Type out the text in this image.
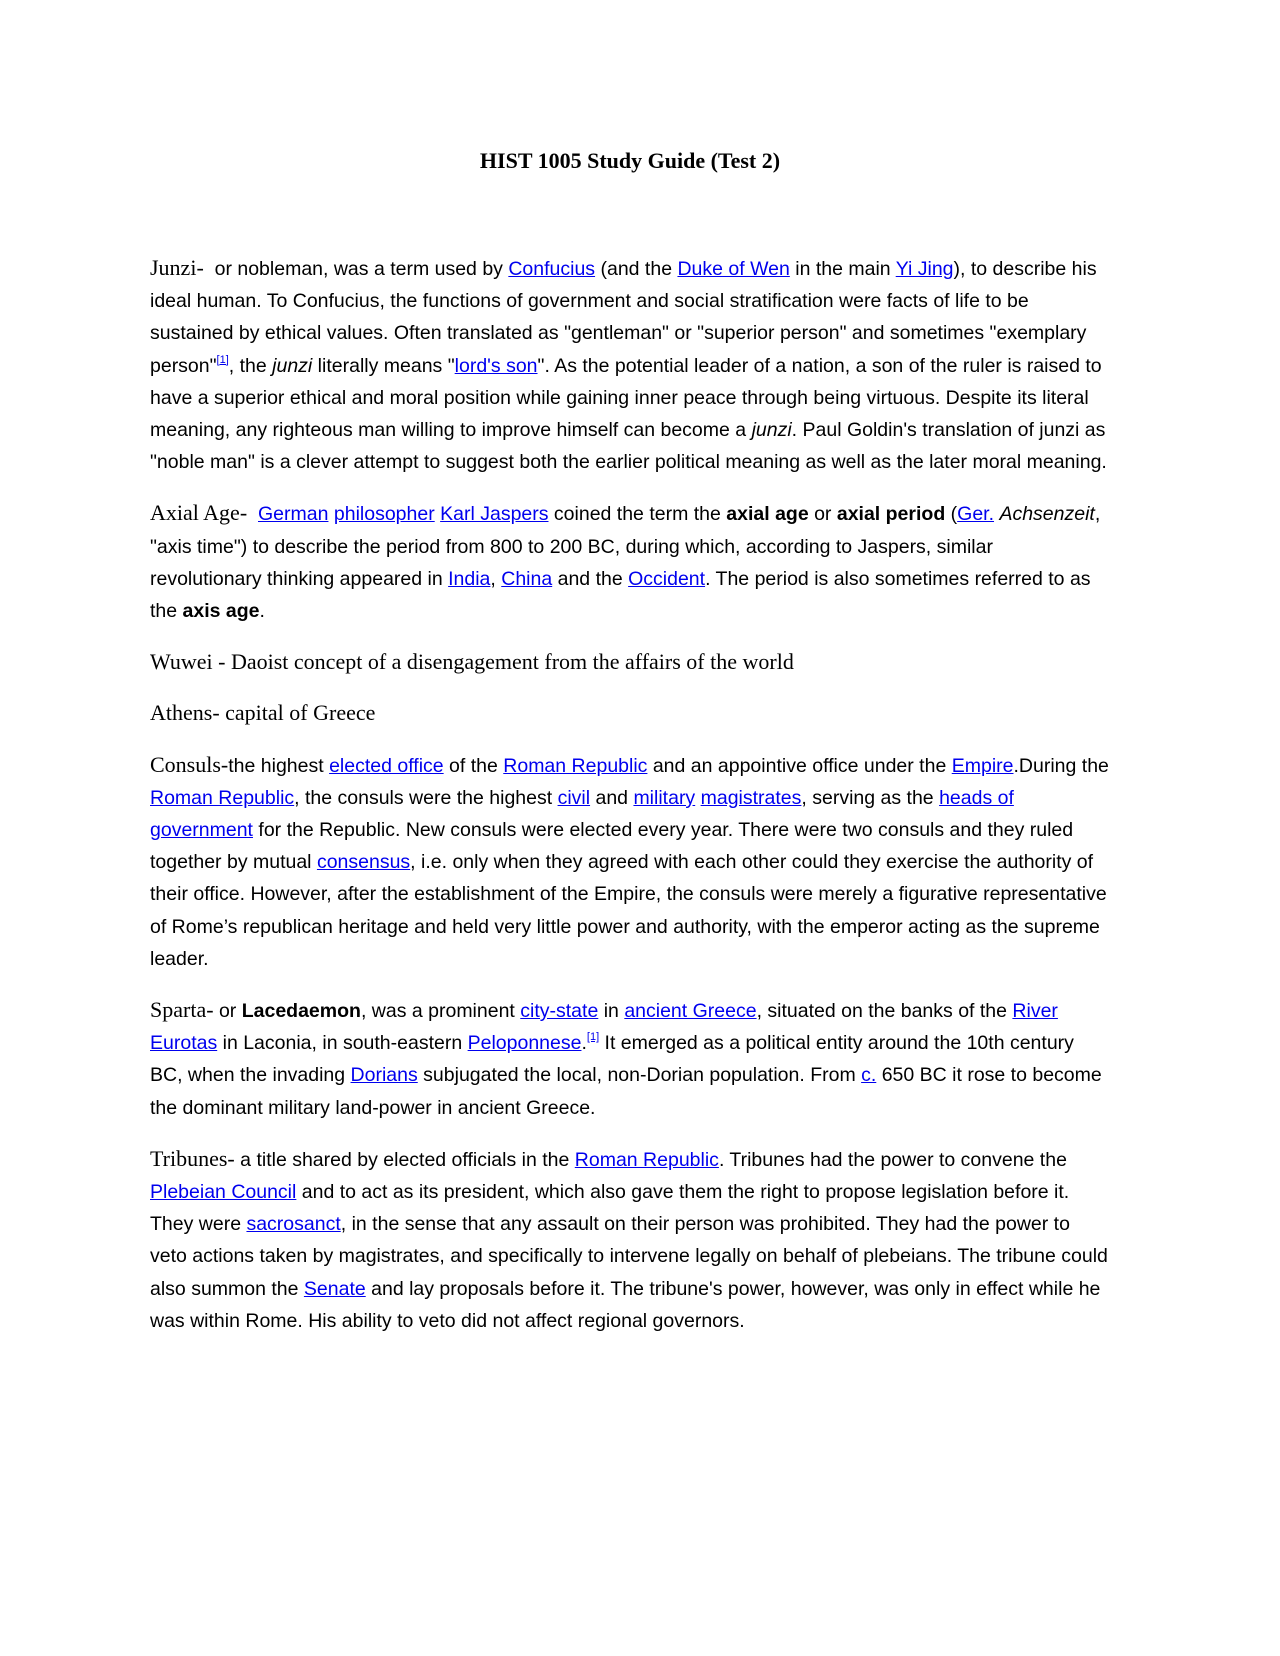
HIST 1005 Study Guide (Test 2)

Junzi-  or nobleman, was a term used by Confucius (and the Duke of Wen in the main Yi Jing), to describe his ideal human. To Confucius, the functions of government and social stratification were facts of life to be sustained by ethical values. Often translated as "gentleman" or "superior person" and sometimes "exemplary person"[1], the junzi literally means "lord's son". As the potential leader of a nation, a son of the ruler is raised to have a superior ethical and moral position while gaining inner peace through being virtuous. Despite its literal meaning, any righteous man willing to improve himself can become a junzi. Paul Goldin's translation of junzi as "noble man" is a clever attempt to suggest both the earlier political meaning as well as the later moral meaning.

Axial Age- German philosopher Karl Jaspers coined the term the axial age or axial period (Ger. Achsenzeit, "axis time") to describe the period from 800 to 200 BC, during which, according to Jaspers, similar revolutionary thinking appeared in India, China and the Occident. The period is also sometimes referred to as the axis age.

Wuwei - Daoist concept of a disengagement from the affairs of the world

Athens- capital of Greece

Consuls-the highest elected office of the Roman Republic and an appointive office under the Empire.During the Roman Republic, the consuls were the highest civil and military magistrates, serving as the heads of government for the Republic. New consuls were elected every year. There were two consuls and they ruled together by mutual consensus, i.e. only when they agreed with each other could they exercise the authority of their office. However, after the establishment of the Empire, the consuls were merely a figurative representative of Rome’s republican heritage and held very little power and authority, with the emperor acting as the supreme leader.

Sparta- or Lacedaemon, was a prominent city-state in ancient Greece, situated on the banks of the River Eurotas in Laconia, in south-eastern Peloponnese.[1] It emerged as a political entity around the 10th century BC, when the invading Dorians subjugated the local, non-Dorian population. From c. 650 BC it rose to become the dominant military land-power in ancient Greece.

Tribunes- a title shared by elected officials in the Roman Republic. Tribunes had the power to convene the Plebeian Council and to act as its president, which also gave them the right to propose legislation before it. They were sacrosanct, in the sense that any assault on their person was prohibited. They had the power to veto actions taken by magistrates, and specifically to intervene legally on behalf of plebeians. The tribune could also summon the Senate and lay proposals before it. The tribune's power, however, was only in effect while he was within Rome. His ability to veto did not affect regional governors.
